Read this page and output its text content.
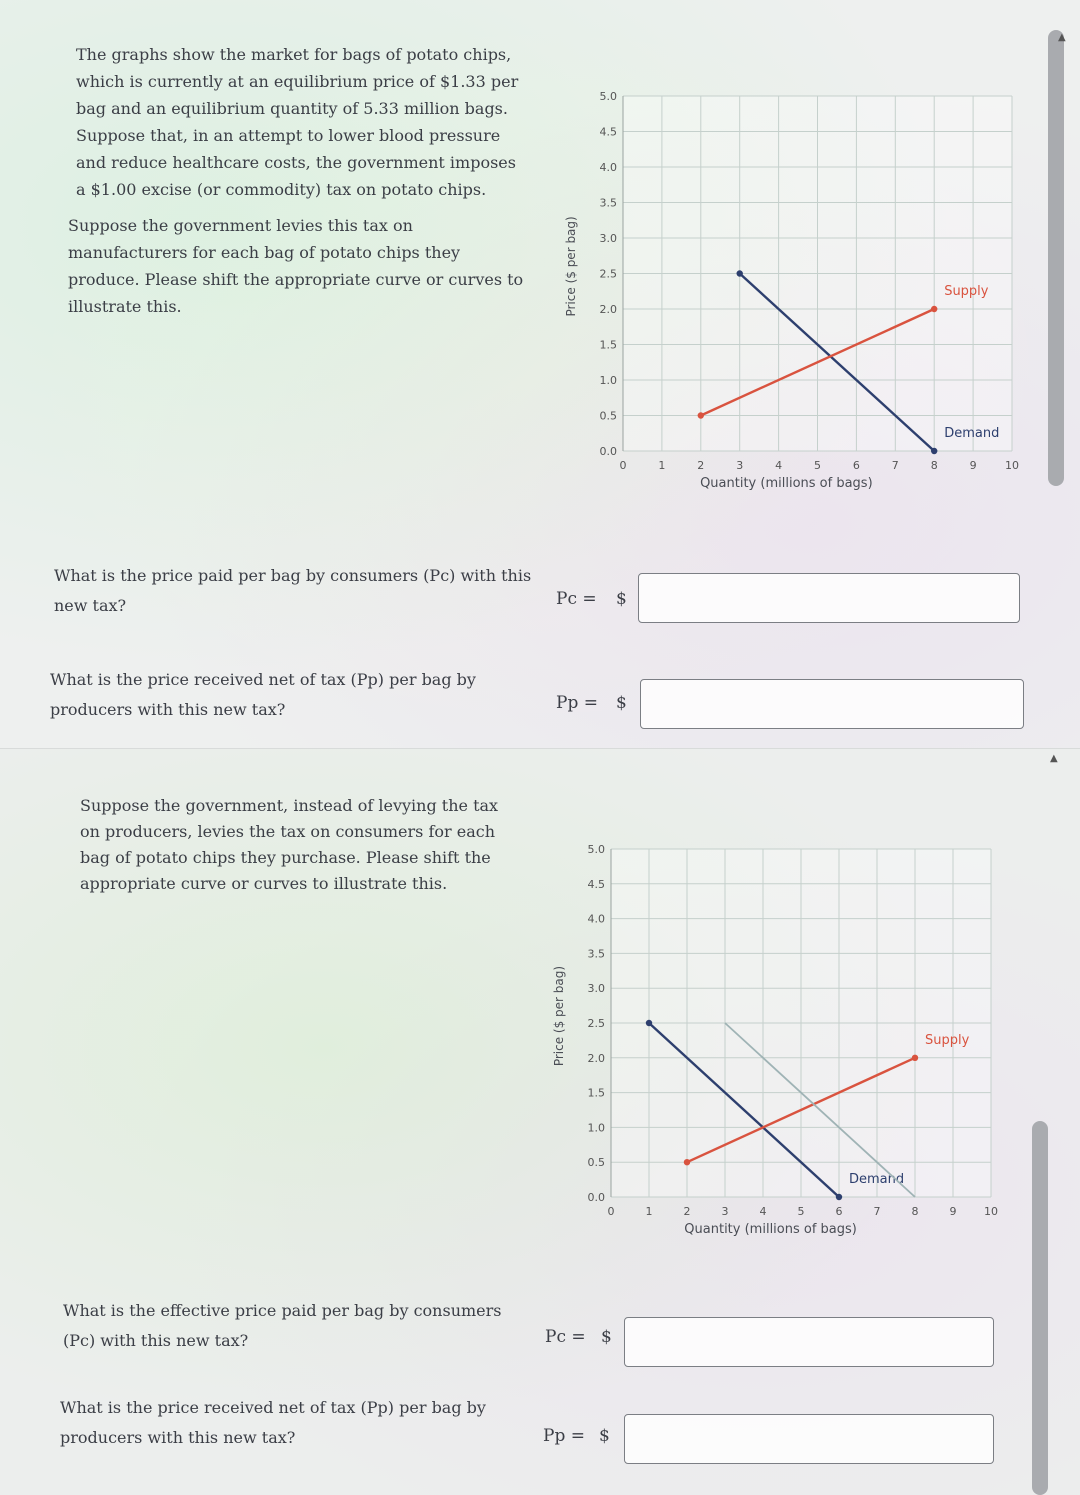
The graphs show the market for bags of potato chips, which is currently at an equilibrium price of $1.33 per bag and an equilibrium quantity of 5.33 million bags. Suppose that, in an attempt to lower blood pressure and reduce healthcare costs, the government imposes a $1.00 excise (or commodity) tax on potato chips.

Suppose the government levies this tax on manufacturers for each bag of potato chips they produce. Please shift the appropriate curve or curves to illustrate this.

0	1	2	3	4	5	6	7	8	9	10
0.0
0.5
1.0
1.5
2.0
2.5
3.0
3.5
4.0
4.5
5.0
Quantity (millions of bags)
Price ($ per bag)
Demand
Supply

What is the price paid per bag by consumers (Pc) with this new tax?	Pc = $

What is the price received net of tax (Pp) per bag by producers with this new tax?	Pp = $
▲

Suppose the government, instead of levying the tax on producers, levies the tax on consumers for each bag of potato chips they purchase. Please shift the appropriate curve or curves to illustrate this.

0	1	2	3	4	5	6	7	8	9	10
0.0
0.5
1.0
1.5
2.0
2.5
3.0
3.5
4.0
4.5
5.0
Quantity (millions of bags)
Price ($ per bag)
Demand
Supply

What is the effective price paid per bag by consumers (Pc) with this new tax?	Pc = $

What is the price received net of tax (Pp) per bag by producers with this new tax?	Pp = $
▲
